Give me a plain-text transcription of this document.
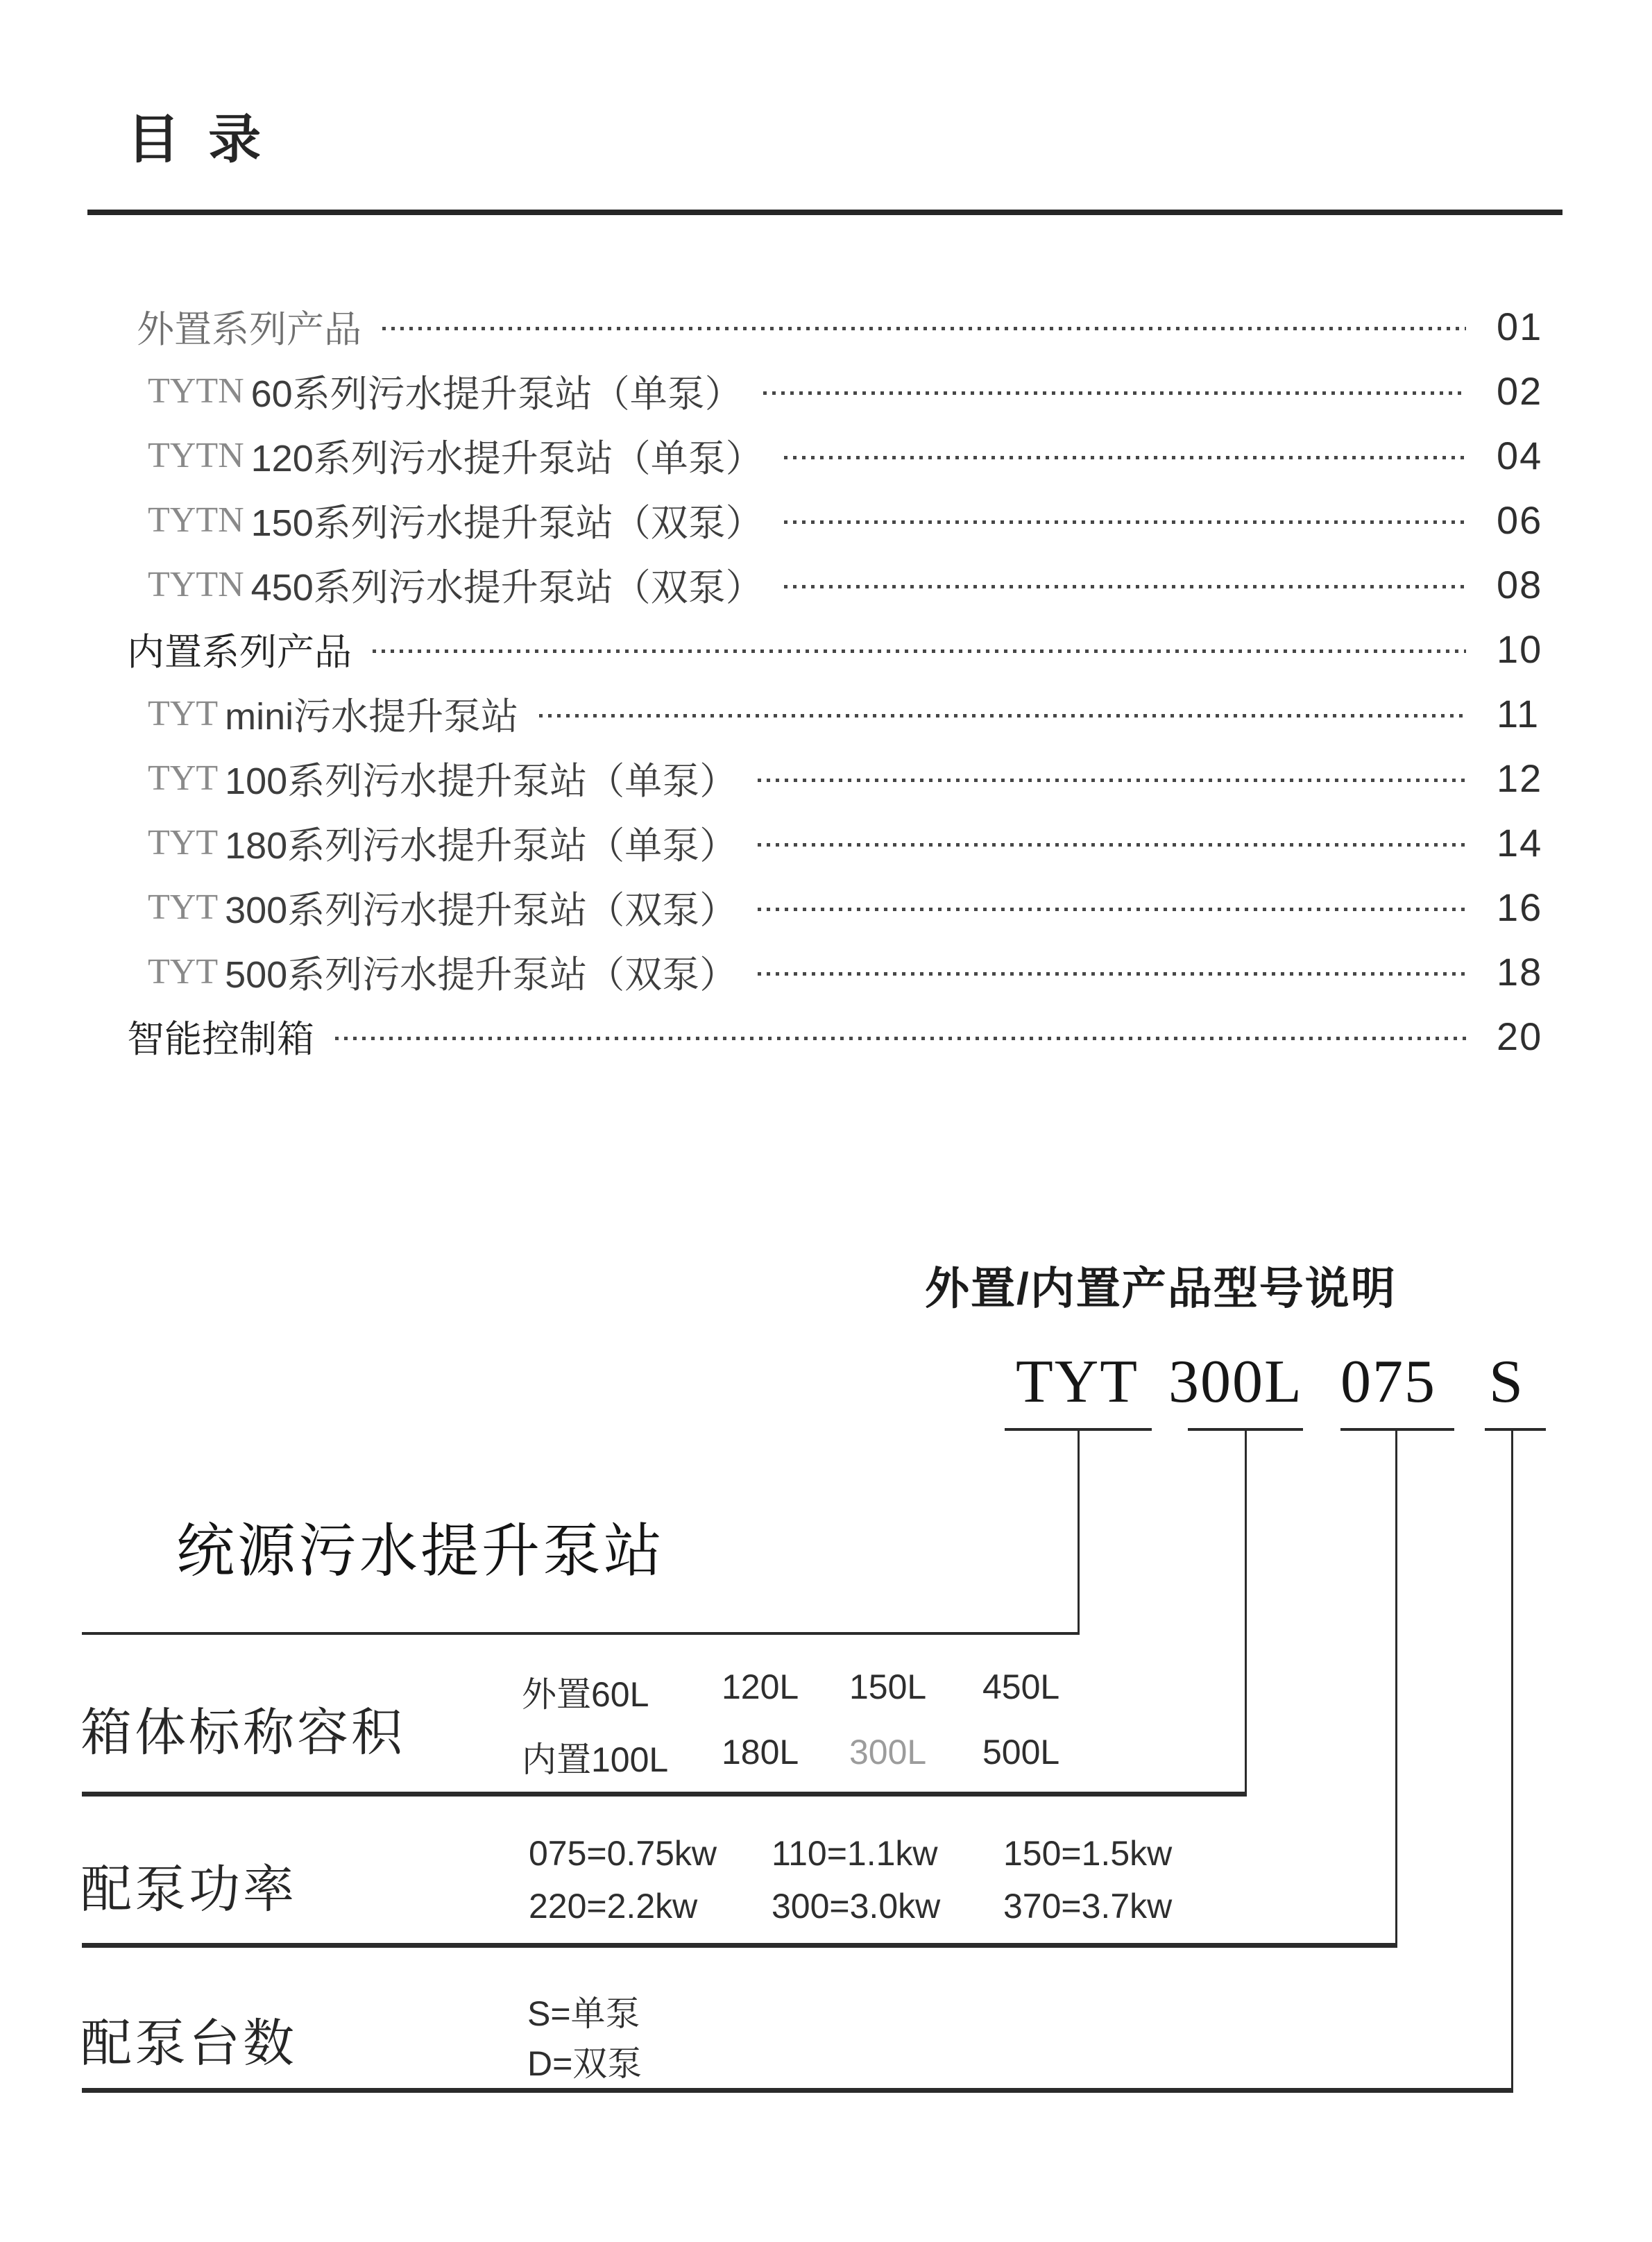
目 录
外置系列产品	01
TYTN 60系列污水提升泵站（单泵）	02
TYTN 120系列污水提升泵站（单泵）	04
TYTN 150系列污水提升泵站（双泵）	06
TYTN 450系列污水提升泵站（双泵）	08
内置系列产品	10
TYT mini污水提升泵站	11
TYT 100系列污水提升泵站（单泵）	12
TYT 180系列污水提升泵站（单泵）	14
TYT 300系列污水提升泵站（双泵）	16
TYT 500系列污水提升泵站（双泵）	18
智能控制箱	20
外置/内置产品型号说明
TYT 300L 075 S
统源污水提升泵站
箱体标称容积
外置60L 120L 150L 450L
内置100L 180L 300L 500L
配泵功率
075=0.75kw 110=1.1kw 150=1.5kw
220=2.2kw 300=3.0kw 370=3.7kw
配泵台数
S=单泵
D=双泵
